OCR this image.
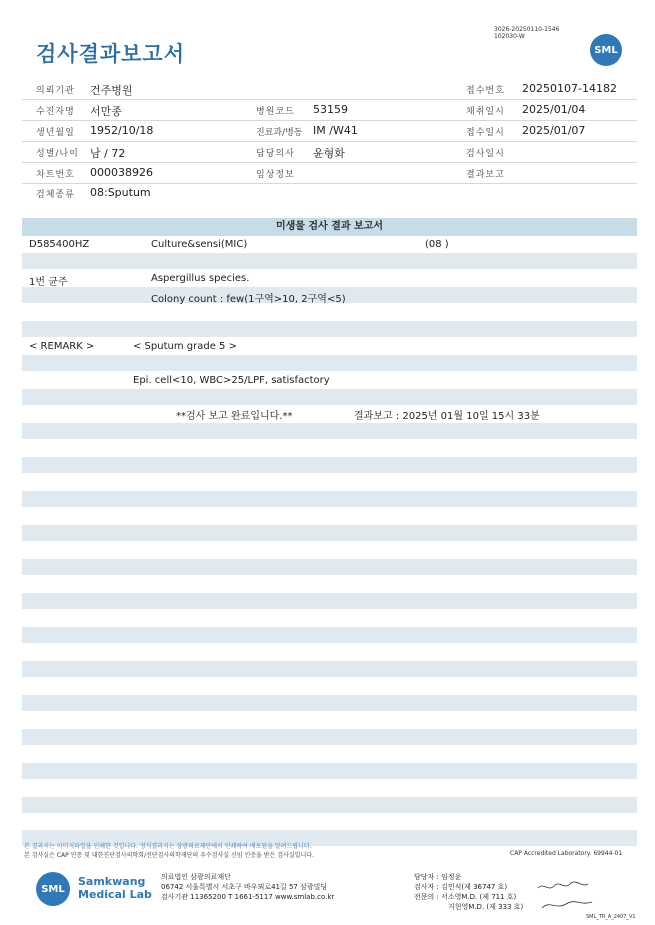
검사결과보고서
3026-20250110-1546
102030-W
SML
의뢰기관 건주병원	접수번호 20250107-14182
수진자명 서만종	병원코드 53159	채취일시 2025/01/04
생년월일 1952/10/18	진료과/병동 IM /W41	접수일시 2025/01/07
성별/나이 남 / 72	담당의사 윤형화	검사일시
차트번호 000038926	임상정보	결과보고
검체종류 08:Sputum
미생물 검사 결과 보고서
D585400HZ	Culture&sensi(MIC)	(08 )
1번 균주	Aspergillus species.
Colony count : few(1구역>10, 2구역<5)
< REMARK >	< Sputum grade 5 >
Epi. cell<10, WBC>25/LPF, satisfactory
**검사 보고 완료입니다.**	결과보고 : 2025년 01월 10일 15시 33분
본 결과지는 이미지파일을 인쇄한 것입니다. 정식결과지는 삼광의료재단에서 인쇄하여 배포됨을 알려드립니다.
본 검사실은 CAP 인증 및 대한진단검사의학회/진단검사의학재단의 우수검사실 신임 인증을 받은 검사실입니다.	CAP Accredited Laboratory. 69944-01
SML
Samkwang
Medical Lab
의료법인 삼광의료재단
06742 서울특별시 서초구 바우뫼로41길 57 삼광빌딩
검사기관 11365200 T 1661-5117 www.smlab.co.kr
담당자 : 임정윤
검사자 : 김민식(제 36747 호)
전문의 : 서소영M.D. (제 711 호)
지현영M.D. (제 333 호)
SML_TR_A_2407_V1
